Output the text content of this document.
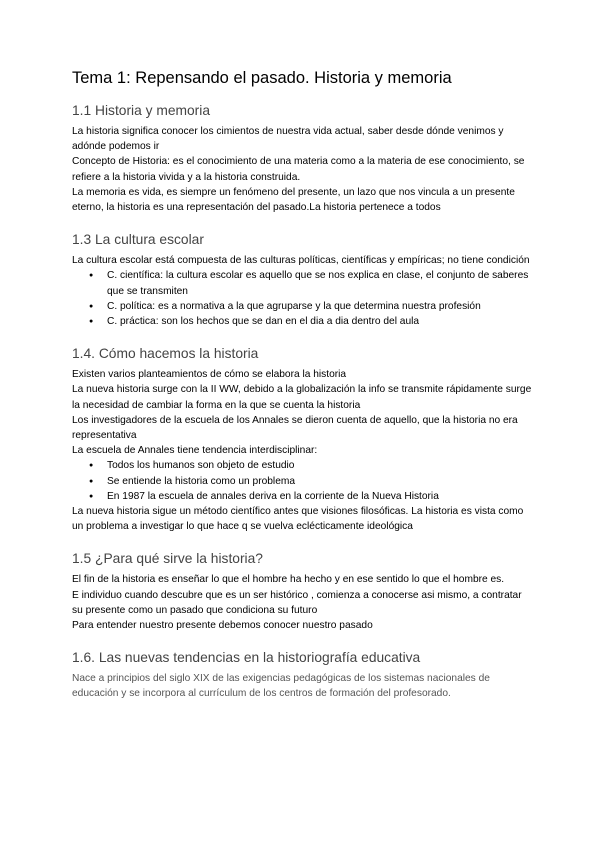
Tema 1: Repensando el pasado. Historia y memoria
1.1 Historia y memoria

La historia significa conocer los cimientos de nuestra vida actual, saber desde dónde venimos y adónde podemos ir

Concepto de Historia: es el conocimiento de una materia como a la materia de ese conocimiento, se refiere a la historia vivida y a la historia construida.

La memoria es vida, es siempre un fenómeno del presente, un lazo que nos vincula a un presente eterno, la historia es una representación del pasado.La historia pertenece a todos

1.3 La cultura escolar

La cultura escolar está compuesta de las culturas políticas, científicas y empíricas; no tiene condición

● C. científica: la cultura escolar es aquello que se nos explica en clase, el conjunto de saberes que se transmiten
● C. política: es a normativa a la que agruparse y la que determina nuestra profesión
● C. práctica: son los hechos que se dan en el dia a dia dentro del aula
1.4. Cómo hacemos la historia

Existen varios planteamientos de cómo se elabora la historia

La nueva historia surge con la II WW, debido a la globalización la info se transmite rápidamente surge la necesidad de cambiar la forma en la que se cuenta la historia

Los investigadores de la escuela de los Annales se dieron cuenta de aquello, que la historia no era representativa

La escuela de Annales tiene tendencia interdisciplinar:

● Todos los humanos son objeto de estudio
● Se entiende la historia como un problema
● En 1987 la escuela de annales deriva en la corriente de la Nueva Historia

La nueva historia sigue un método científico antes que visiones filosóficas. La historia es vista como un problema a investigar lo que hace q se vuelva eclécticamente ideológica

1.5 ¿Para qué sirve la historia?

El fin de la historia es enseñar lo que el hombre ha hecho y en ese sentido lo que el hombre es.

E individuo cuando descubre que es un ser histórico , comienza a conocerse asi mismo, a contratar su presente como un pasado que condiciona su futuro

Para entender nuestro presente debemos conocer nuestro pasado

1.6. Las nuevas tendencias en la historiografía educativa

Nace a principios del siglo XIX de las exigencias pedagógicas de los sistemas nacionales de educación y se incorpora al currículum de los centros de formación del profesorado.
